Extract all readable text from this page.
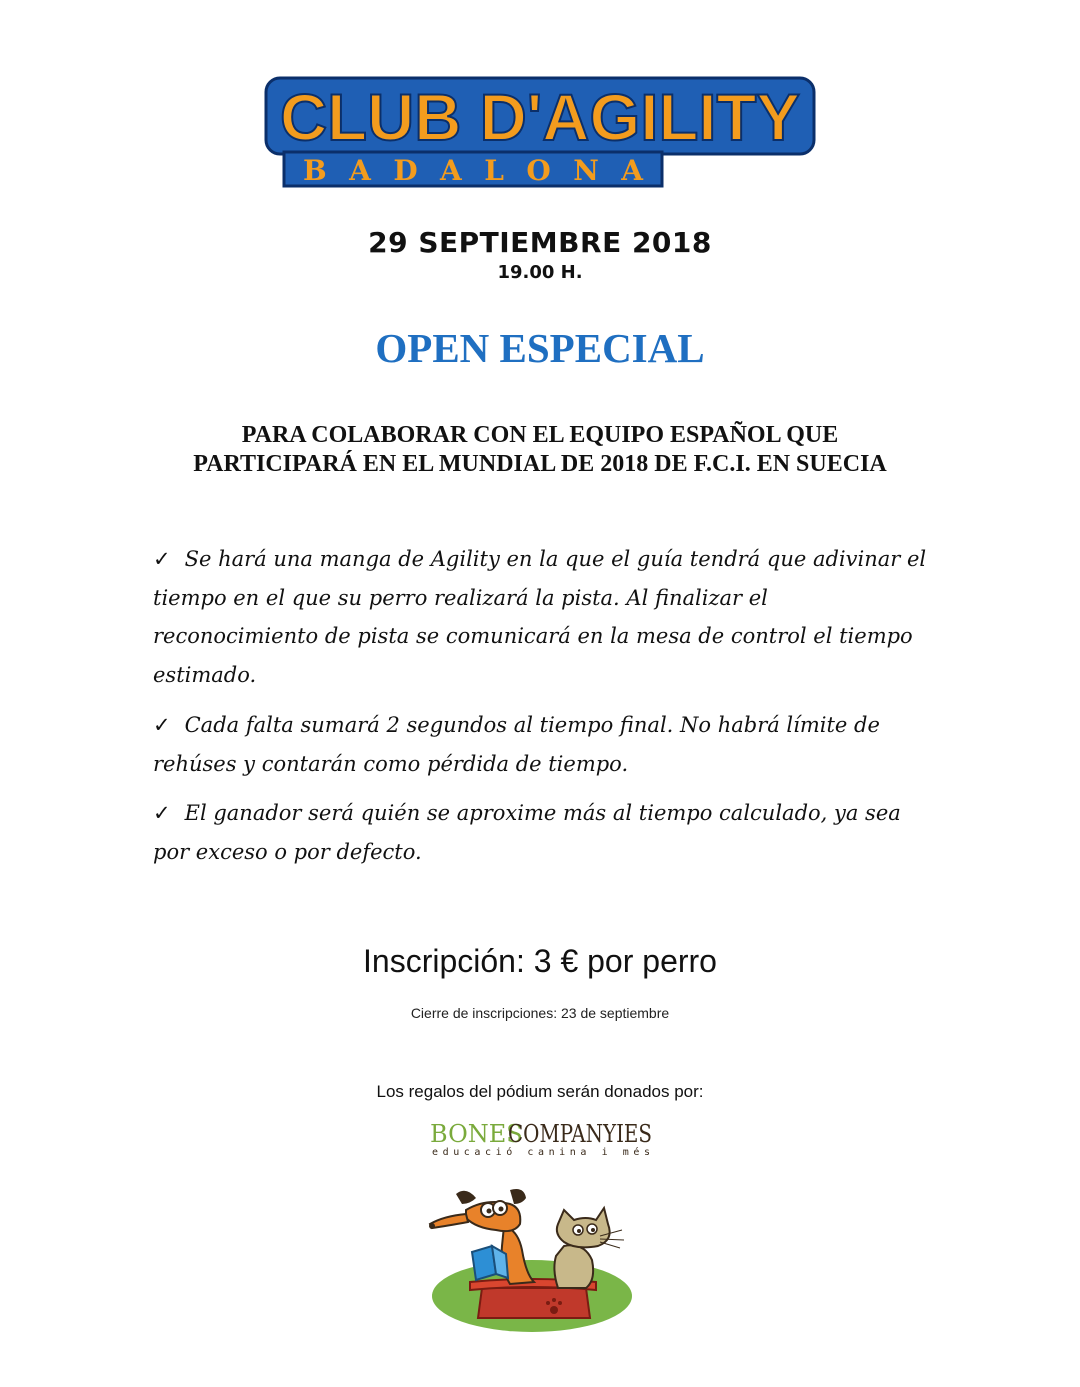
CLUB D'AGILITY
BADALONA
29 SEPTIEMBRE 2018
19.00 H.
OPEN ESPECIAL
PARA COLABORAR CON EL EQUIPO ESPAÑOL QUE
PARTICIPARÁ EN EL MUNDIAL DE 2018 DE F.C.I. EN SUECIA

✓ Se hará una manga de Agility en la que el guía tendrá que adivinar el tiempo en el que su perro realizará la pista. Al finalizar el reconocimiento de pista se comunicará en la mesa de control el tiempo estimado.

✓ Cada falta sumará 2 segundos al tiempo final. No habrá límite de rehúses y contarán como pérdida de tiempo.

✓ El ganador será quién se aproxime más al tiempo calculado, ya sea por exceso o por defecto.

Inscripción: 3 € por perro
Cierre de inscripciones: 23 de septiembre
Los regalos del pódium serán donados por:
BONES
COMPANYIES
educació canina i més
